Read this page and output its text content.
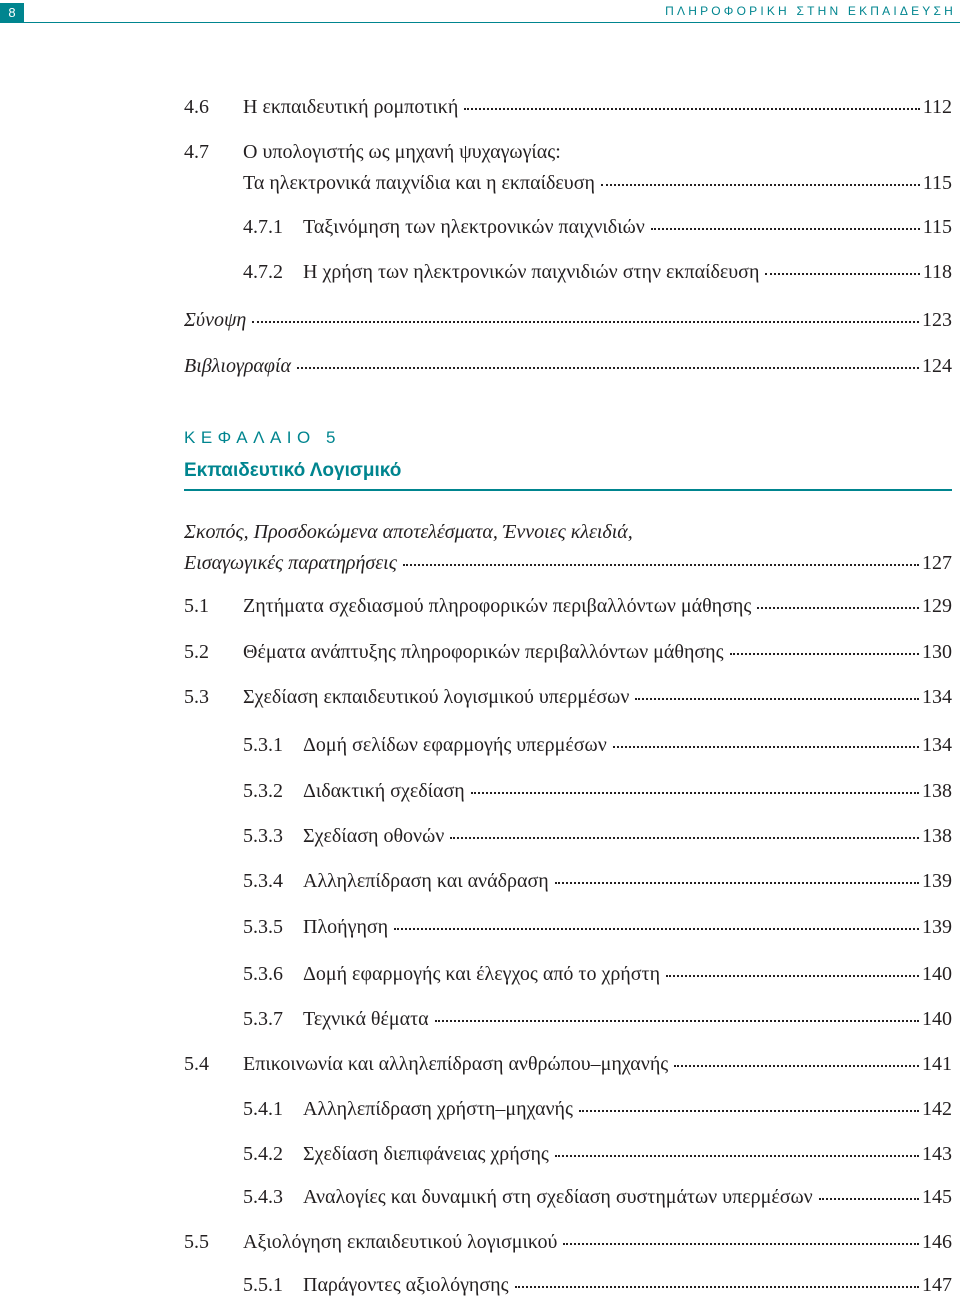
8	ΠΛΗΡΟΦΟΡΙΚΗ ΣΤΗΝ ΕΚΠΑΙΔΕΥΣΗ
4.6	Η εκπαιδευτική ρομποτική	112
4.7	Ο υπολογιστής ως μηχανή ψυχαγωγίας:
Τα ηλεκτρονικά παιχνίδια και η εκπαίδευση	115
4.7.1	Ταξινόμηση των ηλεκτρονικών παιχνιδιών	115
4.7.2	Η χρήση των ηλεκτρονικών παιχνιδιών στην εκπαίδευση	118
Σύνοψη	123
Βιβλιογραφία	124
ΚΕΦΑΛΑΙΟ 5
Εκπαιδευτικό Λογισμικό
Σκοπός, Προσδοκώμενα αποτελέσματα, Έννοιες κλειδιά,
Εισαγωγικές παρατηρήσεις	127
5.1	Ζητήματα σχεδιασμού πληροφορικών περιβαλλόντων μάθησης	129
5.2	Θέματα ανάπτυξης πληροφορικών περιβαλλόντων μάθησης	130
5.3	Σχεδίαση εκπαιδευτικού λογισμικού υπερμέσων	134
5.3.1	Δομή σελίδων εφαρμογής υπερμέσων	134
5.3.2	Διδακτική σχεδίαση	138
5.3.3	Σχεδίαση οθονών	138
5.3.4	Αλληλεπίδραση και ανάδραση	139
5.3.5	Πλοήγηση	139
5.3.6	Δομή εφαρμογής και έλεγχος από το χρήστη	140
5.3.7	Τεχνικά θέματα	140
5.4	Επικοινωνία και αλληλεπίδραση ανθρώπου–μηχανής	141
5.4.1	Αλληλεπίδραση χρήστη–μηχανής	142
5.4.2	Σχεδίαση διεπιφάνειας χρήσης	143
5.4.3	Αναλογίες και δυναμική στη σχεδίαση συστημάτων υπερμέσων	145
5.5	Αξιολόγηση εκπαιδευτικού λογισμικού	146
5.5.1	Παράγοντες αξιολόγησης	147
